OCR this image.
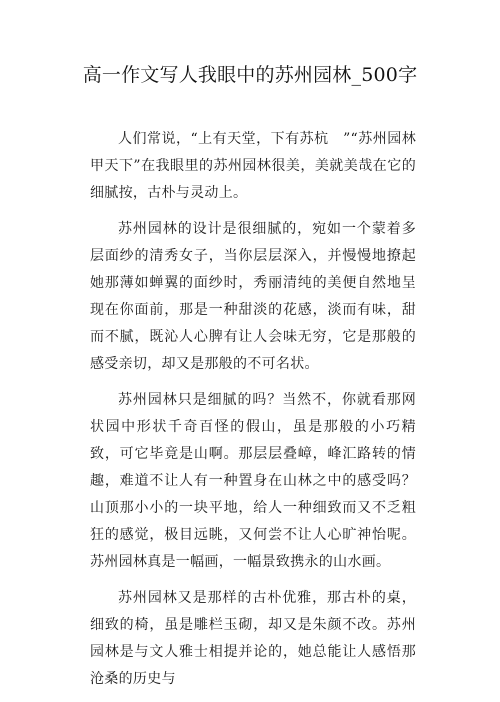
高一作文写人我眼中的苏州园林_500字

人们常说，“上有天堂，下有苏杭　”“苏州园林甲天下”在我眼里的苏州园林很美，美就美哉在它的细腻按，古朴与灵动上。

苏州园林的设计是很细腻的，宛如一个蒙着多层面纱的清秀女子，当你层层深入，并慢慢地撩起她那薄如蝉翼的面纱时，秀丽清纯的美便自然地呈现在你面前，那是一种甜淡的花感，淡而有味，甜而不腻，既沁人心脾有让人会味无穷，它是那般的感受亲切，却又是那般的不可名状。

苏州园林只是细腻的吗？当然不，你就看那网状园中形状千奇百怪的假山，虽是那般的小巧精致，可它毕竟是山啊。那层层叠嶂，峰汇路转的情趣，难道不让人有一种置身在山林之中的感受吗？山顶那小小的一块平地，给人一种细致而又不乏粗狂的感觉，极目远眺，又何尝不让人心旷神怡呢。苏州园林真是一幅画，一幅景致携永的山水画。

苏州园林又是那样的古朴优雅，那古朴的桌，细致的椅，虽是雕栏玉砌，却又是朱颜不改。苏州园林是与文人雅士相提并论的，她总能让人感悟那沧桑的历史与
